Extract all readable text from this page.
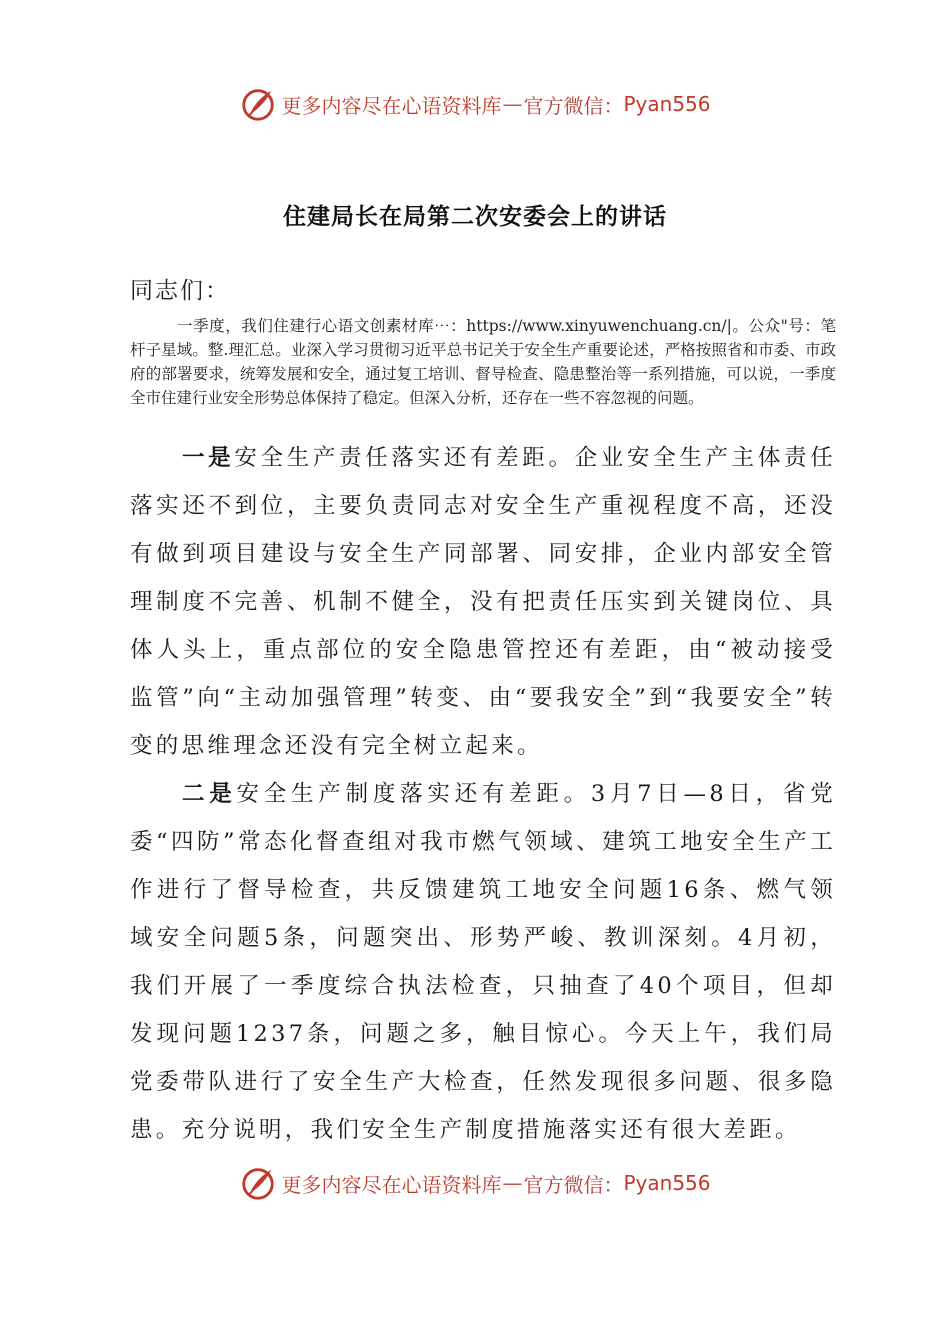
更多内容尽在心语资料库 — 官方微信： Pyan556
住建局长在局第二次安委会上的讲话
同志们：
一季度，我们住建行心语文创素材库⋯：https://www.xinyuwenchuang.cn/|。公众"号：笔杆子星域。整.理汇总。业深入学习贯彻习近平总书记关于安全生产重要论述，严格按照省和市委、市政府的部署要求，统筹发展和安全，通过复工培训、督导检查、隐患整治等一系列措施，可以说，一季度全市住建行业安全形势总体保持了稳定。但深入分析，还存在一些不容忽视的问题。
一是安全生产责任落实还有差距。企业安全生产主体责任落实还不到位，主要负责同志对安全生产重视程度不高，还没有做到项目建设与安全生产同部署、同安排，企业内部安全管理制度不完善、机制不健全，没有把责任压实到关键岗位、具体人头上，重点部位的安全隐患管控还有差距，由“被动接受监管”向“主动加强管理”转变、由“要我安全”到“我要安全”转变的思维理念还没有完全树立起来。
二是安全生产制度落实还有差距。3月7日—8日，省党委“四防”常态化督查组对我市燃气领域、建筑工地安全生产工作进行了督导检查，共反馈建筑工地安全问题16条、燃气领域安全问题5条，问题突出、形势严峻、教训深刻。4月初，我们开展了一季度综合执法检查，只抽查了40个项目，但却发现问题1237条，问题之多，触目惊心。今天上午，我们局党委带队进行了安全生产大检查，任然发现很多问题、很多隐患。充分说明，我们安全生产制度措施落实还有很大差距。
更多内容尽在心语资料库 — 官方微信： Pyan556
